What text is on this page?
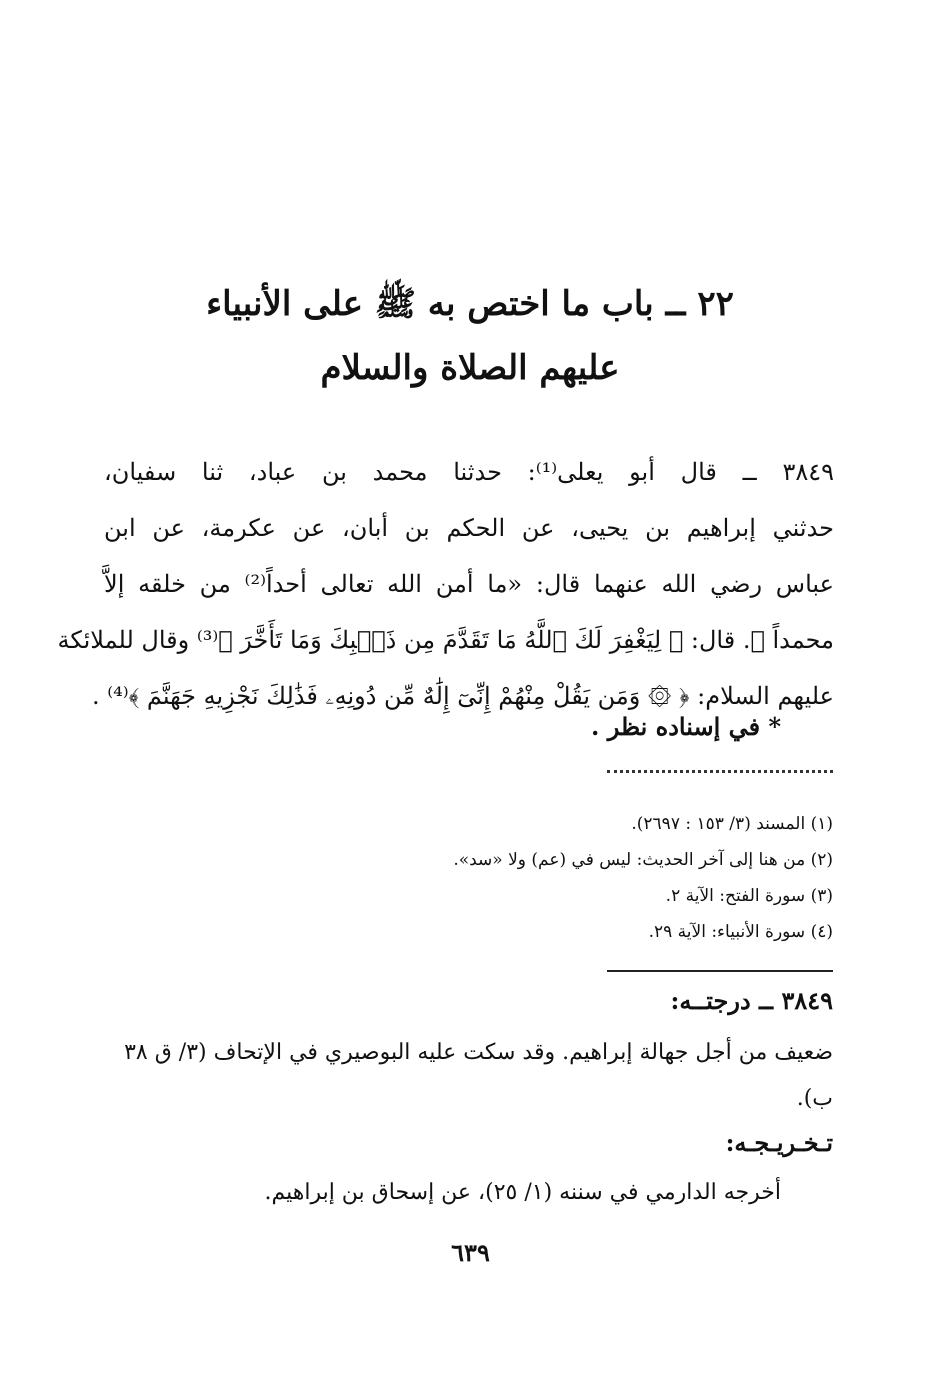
٢٢ ــ باب ما اختص به ﷺ على الأنبياء
عليهم الصلاة والسلام
٣٨٤٩ ــ قال أبو يعلى⁽¹⁾: حدثنا محمد بن عباد، ثنا سفيان،
حدثني إبراهيم بن يحيى، عن الحكم بن أبان، عن عكرمة، عن ابن
عباس رضي الله عنهما قال: «ما أمن الله تعالى أحداً⁽²⁾ من خلقه إلاَّ
محمداً ﷺ. قال: ﴿ لِيَغْفِرَ لَكَ ٱللَّهُ مَا تَقَدَّمَ مِن ذَنۢبِكَ وَمَا تَأَخَّرَ ﴾⁽³⁾ وقال للملائكة
عليهم السلام: ﴿ ۞ وَمَن يَقُلْ مِنْهُمْ إِنِّىٓ إِلَٰهٌ مِّن دُونِهِۦ فَذَٰلِكَ نَجْزِيهِ جَهَنَّمَ ﴾⁽⁴⁾ .
* في إسناده نظر .
(١) المسند (٣/ ١٥٣ : ٢٦٩٧).
(٢) من هنا إلى آخر الحديث: ليس في (عم) ولا «سد».
(٣) سورة الفتح: الآية ٢.
(٤) سورة الأنبياء: الآية ٢٩.
٣٨٤٩ ــ درجتــه:
ضعيف من أجل جهالة إبراهيم. وقد سكت عليه البوصيري في الإتحاف (٣/ ق ٣٨ ب).
تـخـريـجـه:
أخرجه الدارمي في سننه (١/ ٢٥)، عن إسحاق بن إبراهيم.
٦٣٩
